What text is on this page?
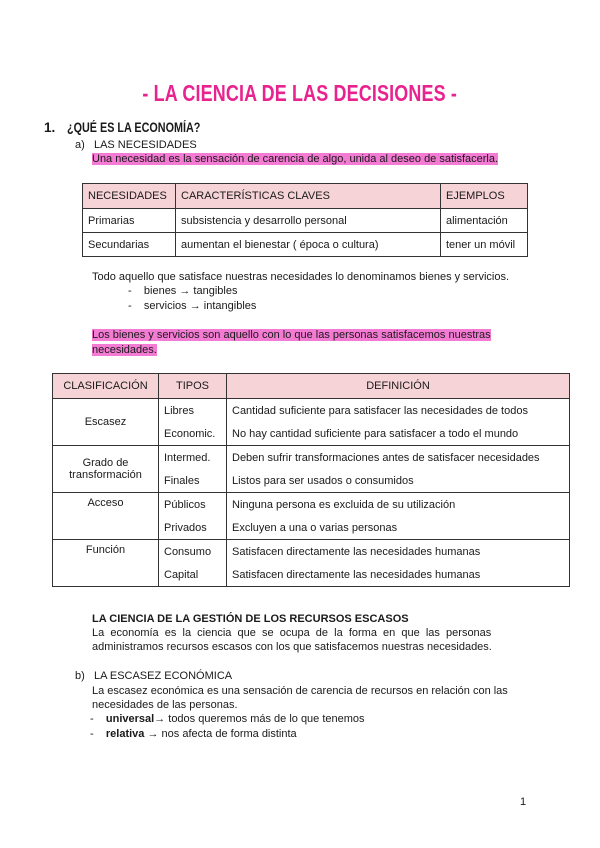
- LA CIENCIA DE LAS DECISIONES -
1. ¿QUÉ ES LA ECONOMÍA?
a) LAS NECESIDADES
Una necesidad es la sensación de carencia de algo, unida al deseo de satisfacerla.
NECESIDADES	CARACTERÍSTICAS CLAVES	EJEMPLOS
Primarias	subsistencia y desarrollo personal	alimentación
Secundarias	aumentan el bienestar ( época o cultura)	tener un móvil
Todo aquello que satisface nuestras necesidades lo denominamos bienes y servicios.
-    bienes → tangibles
-    servicios → intangibles
Los bienes y servicios son aquello con lo que las personas satisfacemos nuestras
necesidades.
CLASIFICACIÓN	TIPOS	DEFINICIÓN
Escasez	Libres	Cantidad suficiente para satisfacer las necesidades de todos
	Economic.	No hay cantidad suficiente para satisfacer a todo el mundo
Grado de transformación	Intermed.	Deben sufrir transformaciones antes de satisfacer necesidades
	Finales	Listos para ser usados o consumidos
Acceso	Públicos	Ninguna persona es excluida de su utilización
	Privados	Excluyen a una o varias personas
Función	Consumo	Satisfacen directamente las necesidades humanas
	Capital	Satisfacen directamente las necesidades humanas
LA CIENCIA DE LA GESTIÓN DE LOS RECURSOS ESCASOS
La  economía  es  la  ciencia  que  se  ocupa  de  la  forma  en  que  las  personas
administramos recursos escasos con los que satisfacemos nuestras necesidades.
b) LA ESCASEZ ECONÓMICA
La escasez económica es una sensación de carencia de recursos en relación con las
necesidades de las personas.
-    universal→ todos queremos más de lo que tenemos
-    relativa → nos afecta de forma distinta
1
